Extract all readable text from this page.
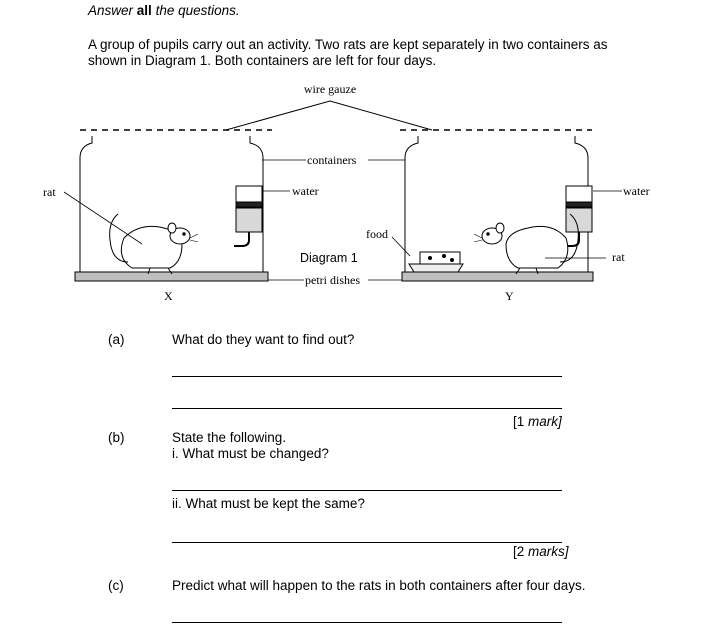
Answer all the questions.
A group of pupils carry out an activity. Two rats are kept separately in two containers as
shown in Diagram 1. Both containers are left for four days.
wire gauze
containers
water	water
rat
rat
food
Diagram 1
petri dishes
X	Y
(a)	What do they want to find out?
[1 mark]
(b)	State the following.
i. What must be changed?
ii. What must be kept the same?
[2 marks]
(c)	Predict what will happen to the rats in both containers after four days.
